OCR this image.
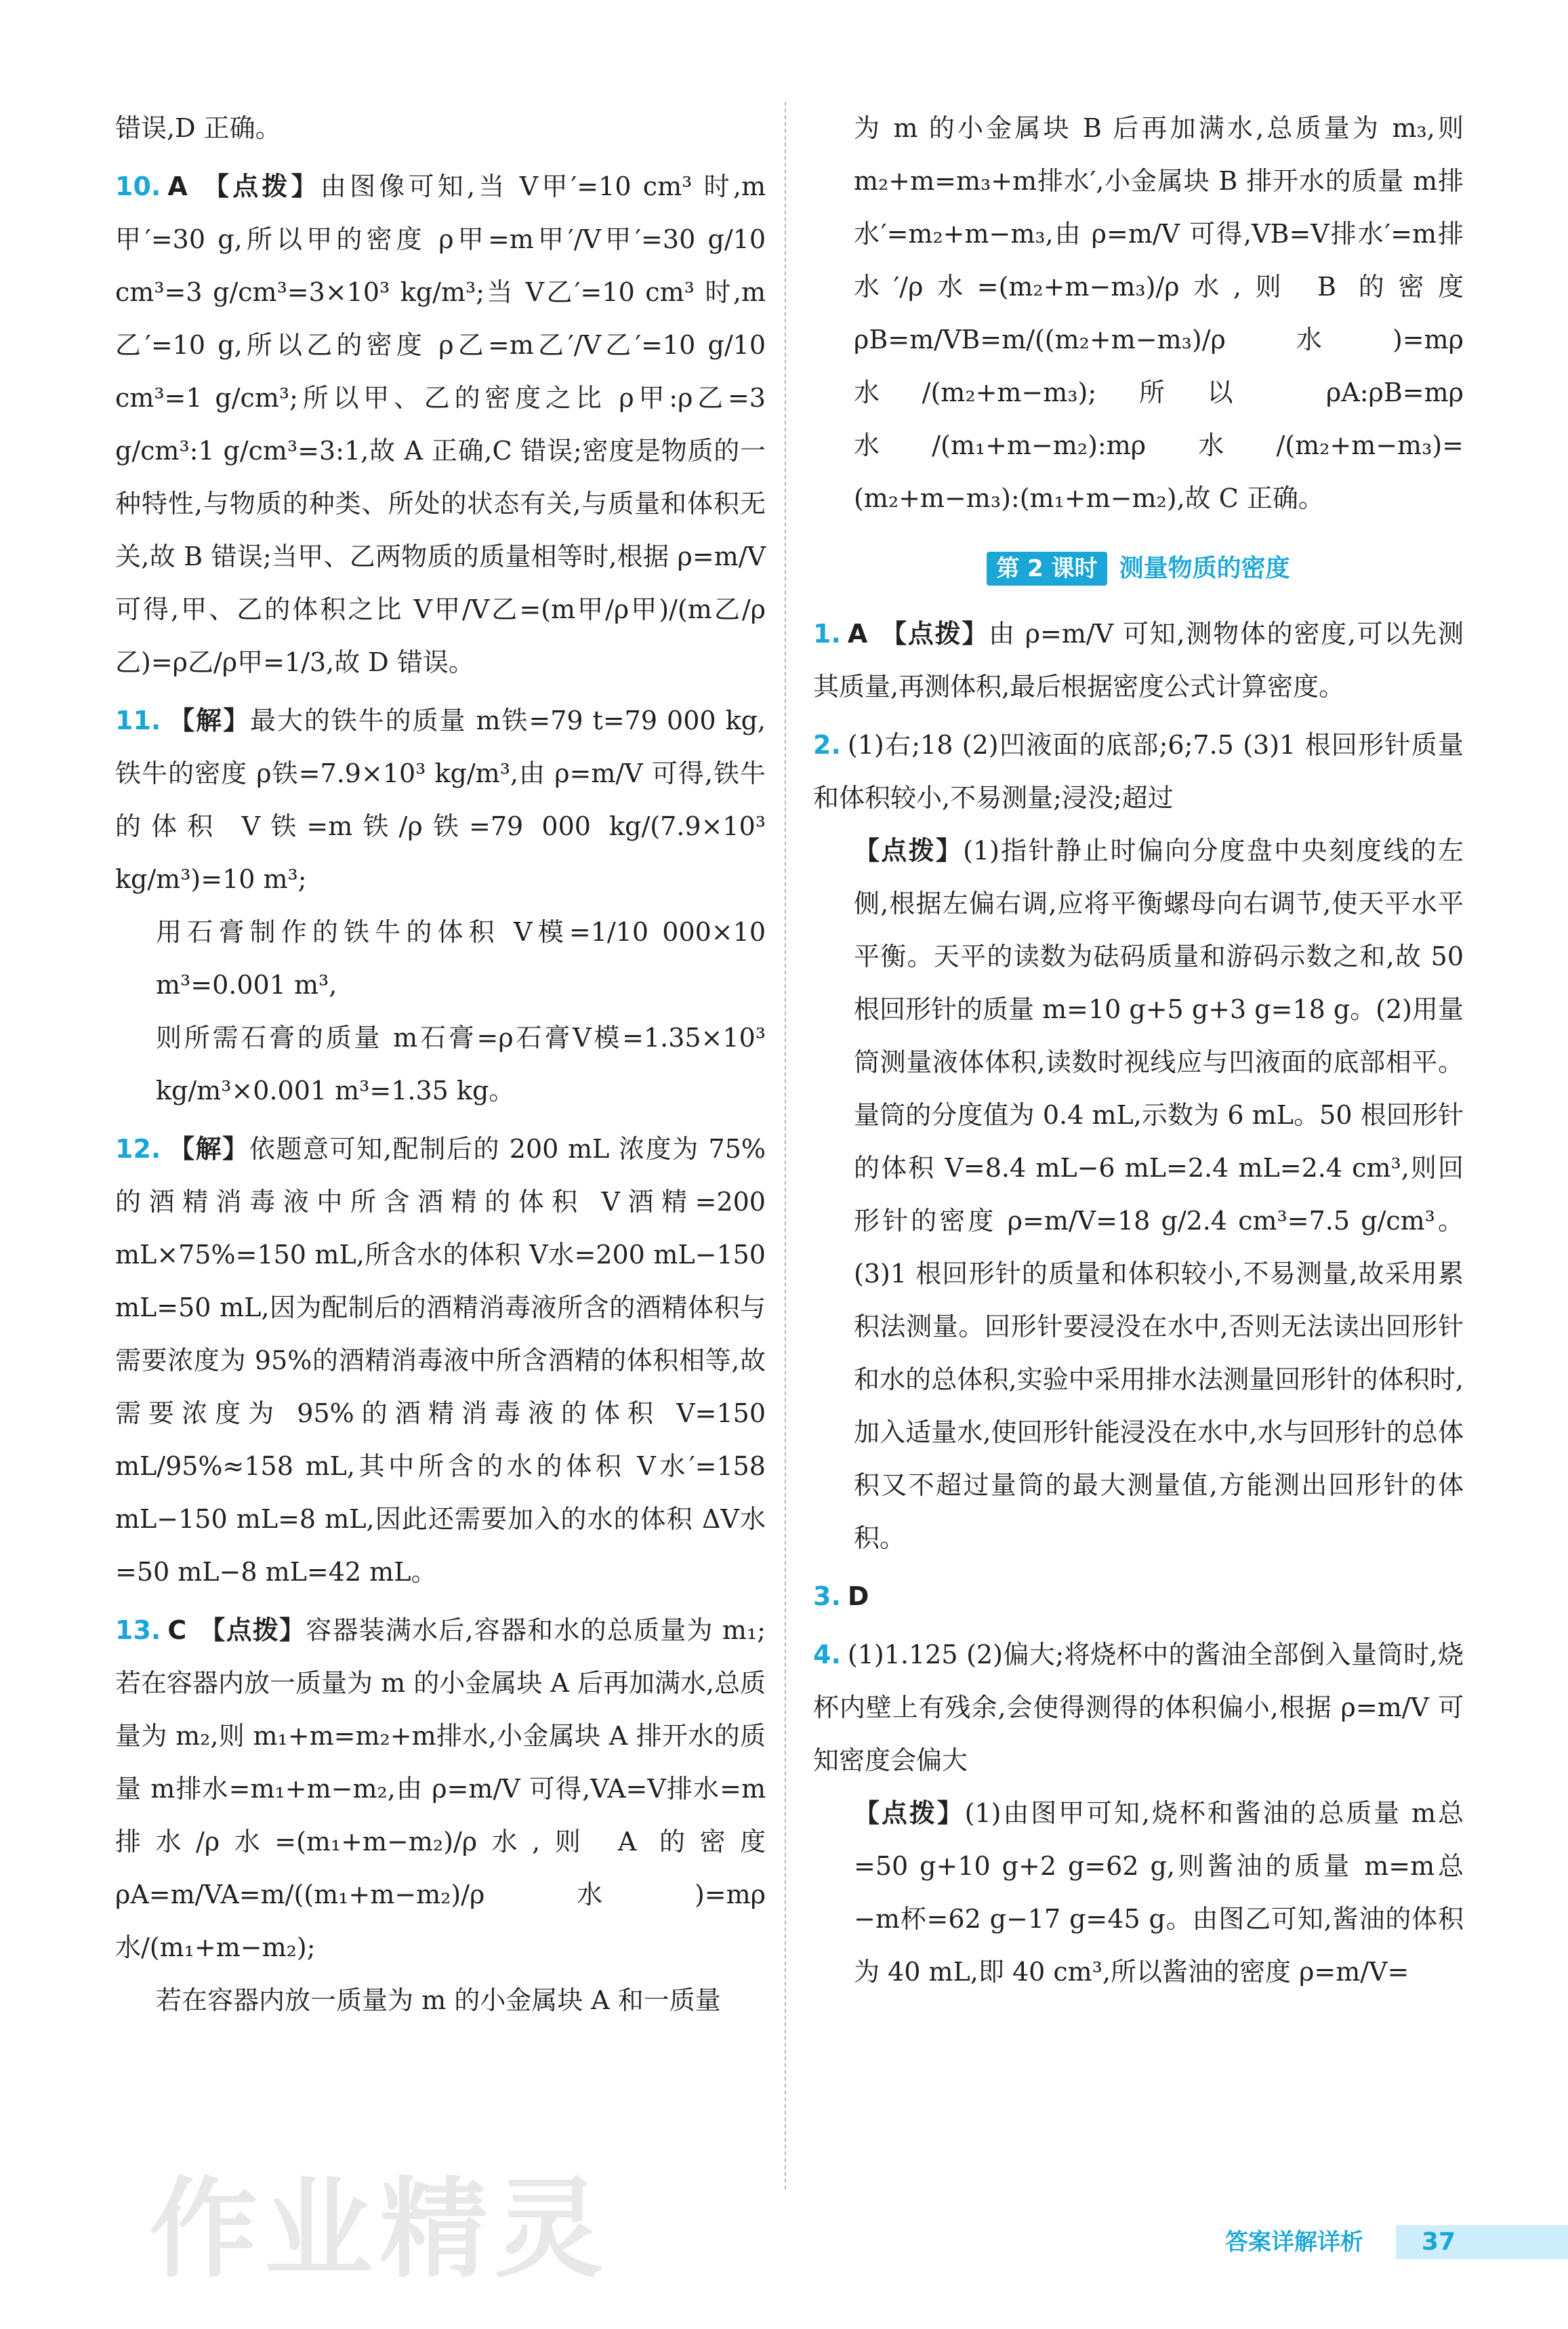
错误,D 正确。

10. A 【点拨】由图像可知,当 V甲′=10 cm³ 时,m甲′=30 g,所以甲的密度 ρ甲=m甲′/V甲′=30 g/10 cm³=3 g/cm³=3×10³ kg/m³;当 V乙′=10 cm³ 时,m乙′=10 g,所以乙的密度 ρ乙=m乙′/V乙′=10 g/10 cm³=1 g/cm³;所以甲、乙的密度之比 ρ甲:ρ乙=3 g/cm³:1 g/cm³=3:1,故 A 正确,C 错误;密度是物质的一种特性,与物质的种类、所处的状态有关,与质量和体积无关,故 B 错误;当甲、乙两物质的质量相等时,根据 ρ=m/V 可得,甲、乙的体积之比 V甲/V乙=(m甲/ρ甲)/(m乙/ρ乙)=ρ乙/ρ甲=1/3,故 D 错误。

11. 【解】最大的铁牛的质量 m铁=79 t=79 000 kg,铁牛的密度 ρ铁=7.9×10³ kg/m³,由 ρ=m/V 可得,铁牛的体积 V铁=m铁/ρ铁=79 000 kg/(7.9×10³ kg/m³)=10 m³;

用石膏制作的铁牛的体积 V模=1/10 000×10 m³=0.001 m³,

则所需石膏的质量 m石膏=ρ石膏V模=1.35×10³ kg/m³×0.001 m³=1.35 kg。

12. 【解】依题意可知,配制后的 200 mL 浓度为 75%的酒精消毒液中所含酒精的体积 V酒精=200 mL×75%=150 mL,所含水的体积 V水=200 mL−150 mL=50 mL,因为配制后的酒精消毒液所含的酒精体积与需要浓度为 95%的酒精消毒液中所含酒精的体积相等,故需要浓度为 95%的酒精消毒液的体积 V=150 mL/95%≈158 mL,其中所含的水的体积 V水′=158 mL−150 mL=8 mL,因此还需要加入的水的体积 ΔV水=50 mL−8 mL=42 mL。

13. C 【点拨】容器装满水后,容器和水的总质量为 m₁;若在容器内放一质量为 m 的小金属块 A 后再加满水,总质量为 m₂,则 m₁+m=m₂+m排水,小金属块 A 排开水的质量 m排水=m₁+m−m₂,由 ρ=m/V 可得,VA=V排水=m排水/ρ水=(m₁+m−m₂)/ρ水,则 A 的密度 ρA=m/VA=m/((m₁+m−m₂)/ρ水)=mρ水/(m₁+m−m₂);

若在容器内放一质量为 m 的小金属块 A 和一质量

为 m 的小金属块 B 后再加满水,总质量为 m₃,则 m₂+m=m₃+m排水′,小金属块 B 排开水的质量 m排水′=m₂+m−m₃,由 ρ=m/V 可得,VB=V排水′=m排水′/ρ水=(m₂+m−m₃)/ρ水,则 B 的密度 ρB=m/VB=m/((m₂+m−m₃)/ρ水)=mρ水/(m₂+m−m₃);所以 ρA:ρB=mρ水/(m₁+m−m₂):mρ水/(m₂+m−m₃)=(m₂+m−m₃):(m₁+m−m₂),故 C 正确。

第 2 课时 测量物质的密度

1. A 【点拨】由 ρ=m/V 可知,测物体的密度,可以先测其质量,再测体积,最后根据密度公式计算密度。

2. (1)右;18 (2)凹液面的底部;6;7.5 (3)1 根回形针质量和体积较小,不易测量;浸没;超过

【点拨】(1)指针静止时偏向分度盘中央刻度线的左侧,根据左偏右调,应将平衡螺母向右调节,使天平水平平衡。天平的读数为砝码质量和游码示数之和,故 50 根回形针的质量 m=10 g+5 g+3 g=18 g。(2)用量筒测量液体体积,读数时视线应与凹液面的底部相平。量筒的分度值为 0.4 mL,示数为 6 mL。50 根回形针的体积 V=8.4 mL−6 mL=2.4 mL=2.4 cm³,则回形针的密度 ρ=m/V=18 g/2.4 cm³=7.5 g/cm³。(3)1 根回形针的质量和体积较小,不易测量,故采用累积法测量。回形针要浸没在水中,否则无法读出回形针和水的总体积,实验中采用排水法测量回形针的体积时,加入适量水,使回形针能浸没在水中,水与回形针的总体积又不超过量筒的最大测量值,方能测出回形针的体积。

3. D

4. (1)1.125 (2)偏大;将烧杯中的酱油全部倒入量筒时,烧杯内壁上有残余,会使得测得的体积偏小,根据 ρ=m/V 可知密度会偏大

【点拨】(1)由图甲可知,烧杯和酱油的总质量 m总=50 g+10 g+2 g=62 g,则酱油的质量 m=m总−m杯=62 g−17 g=45 g。由图乙可知,酱油的体积为 40 mL,即 40 cm³,所以酱油的密度 ρ=m/V=

作业精灵	答案详解详析 37
